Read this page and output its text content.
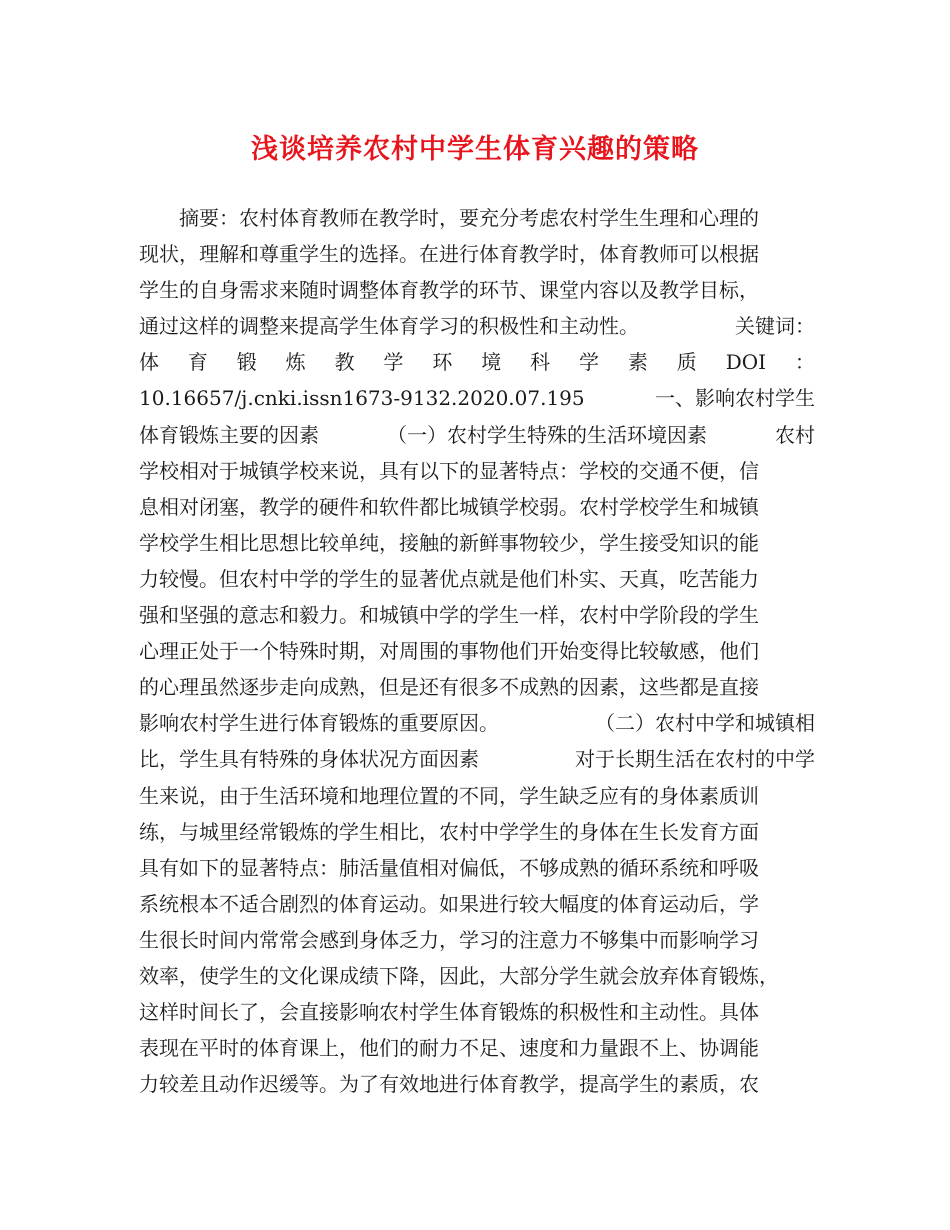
浅谈培养农村中学生体育兴趣的策略
　　摘要：农村体育教师在教学时，要充分考虑农村学生生理和心理的
现状，理解和尊重学生的选择。在进行体育教学时，体育教师可以根据
学生的自身需求来随时调整体育教学的环节、课堂内容以及教学目标，
通过这样的调整来提高学生体育学习的积极性和主动性。	关键词：
体 育 锻 炼 教 学 环 境 科 学 素 质 DOI ：
10.16657/j.cnki.issn1673-9132.2020.07.195	一、影响农村学生
体育锻炼主要的因素	（一）农村学生特殊的生活环境因素	农村
学校相对于城镇学校来说，具有以下的显著特点：学校的交通不便，信
息相对闭塞，教学的硬件和软件都比城镇学校弱。农村学校学生和城镇
学校学生相比思想比较单纯，接触的新鲜事物较少，学生接受知识的能
力较慢。但农村中学的学生的显著优点就是他们朴实、天真，吃苦能力
强和坚强的意志和毅力。和城镇中学的学生一样，农村中学阶段的学生
心理正处于一个特殊时期，对周围的事物他们开始变得比较敏感，他们
的心理虽然逐步走向成熟，但是还有很多不成熟的因素，这些都是直接
影响农村学生进行体育锻炼的重要原因。	（二）农村中学和城镇相
比，学生具有特殊的身体状况方面因素	对于长期生活在农村的中学
生来说，由于生活环境和地理位置的不同，学生缺乏应有的身体素质训
练，与城里经常锻炼的学生相比，农村中学学生的身体在生长发育方面
具有如下的显著特点：肺活量值相对偏低，不够成熟的循环系统和呼吸
系统根本不适合剧烈的体育运动。如果进行较大幅度的体育运动后，学
生很长时间内常常会感到身体乏力，学习的注意力不够集中而影响学习
效率，使学生的文化课成绩下降，因此，大部分学生就会放弃体育锻炼，
这样时间长了，会直接影响农村学生体育锻炼的积极性和主动性。具体
表现在平时的体育课上，他们的耐力不足、速度和力量跟不上、协调能
力较差且动作迟缓等。为了有效地进行体育教学，提高学生的素质，农
